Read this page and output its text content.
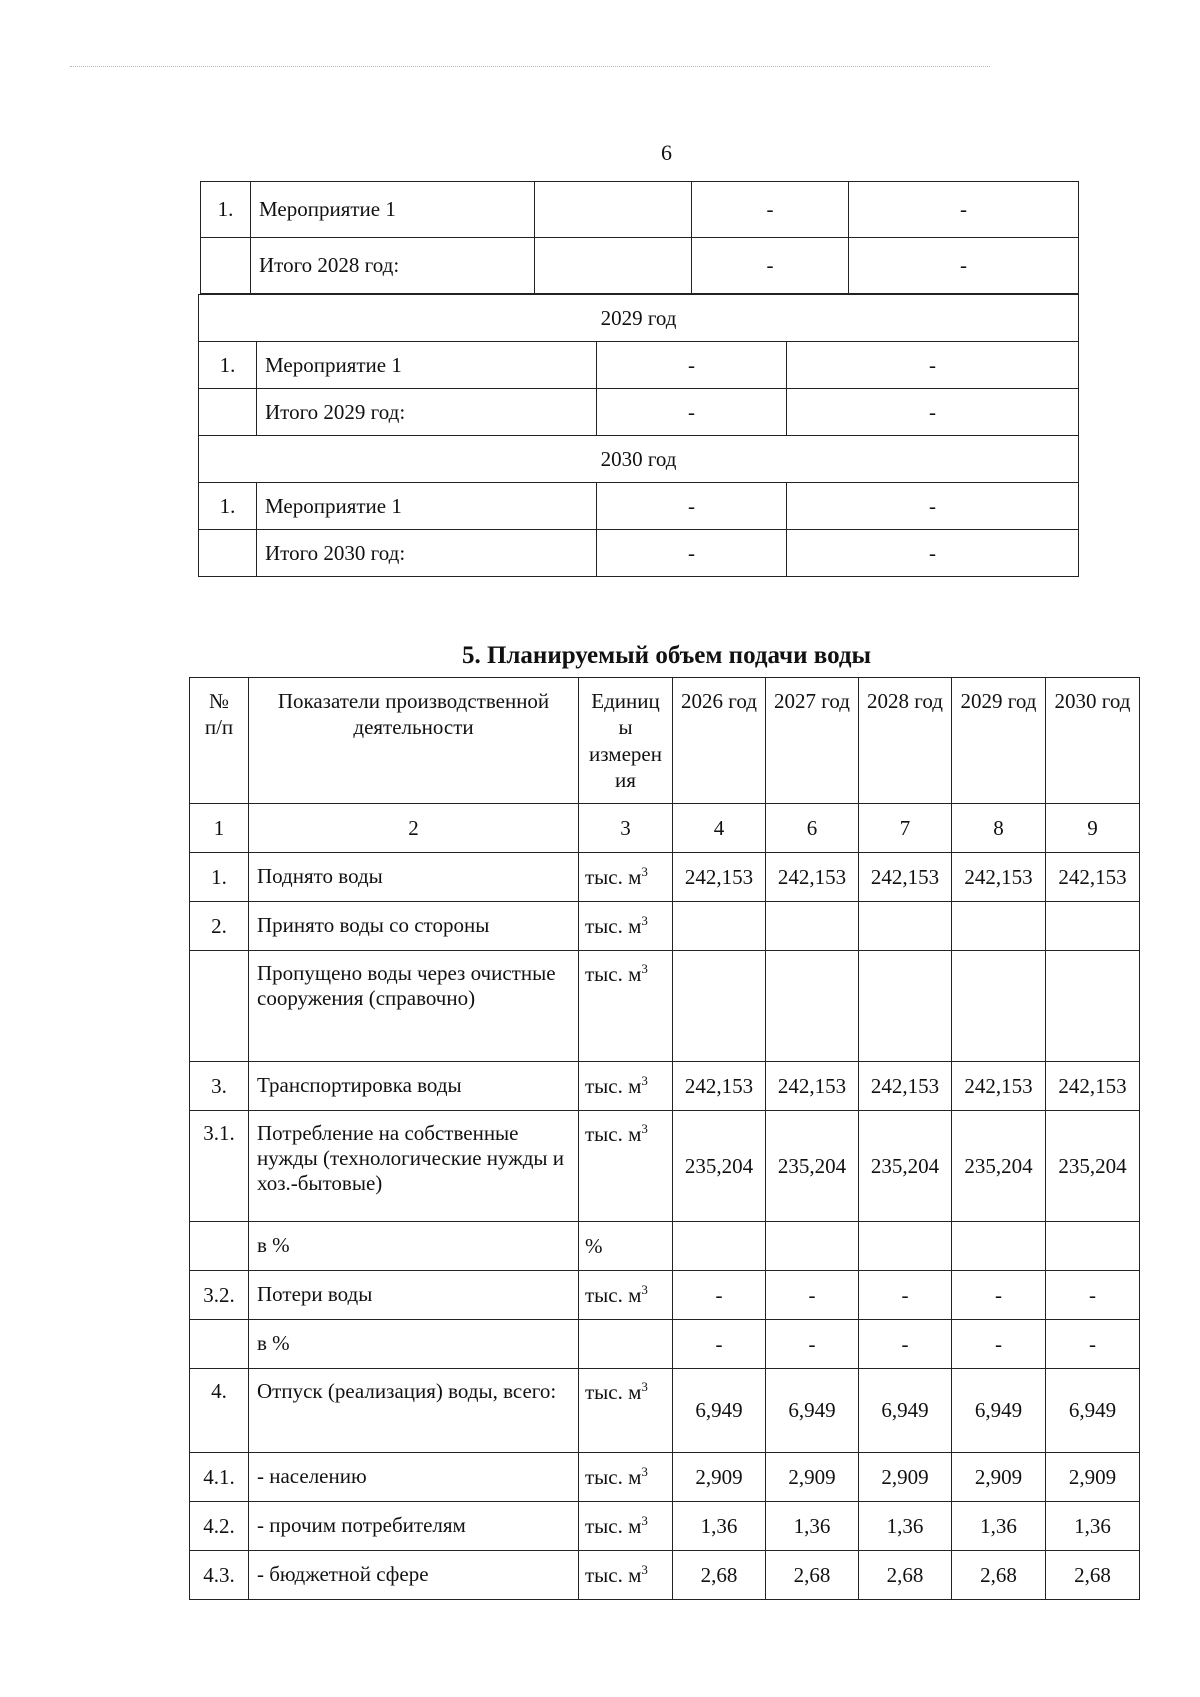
6
1.	Мероприятие 1		-	-
	Итого 2028 год:		-	-
2029 год			
1.	Мероприятие 1	-	-
	Итого 2029 год:	-	-
2030 год			
1.	Мероприятие 1	-	-
	Итого 2030 год:	-	-
5. Планируемый объем подачи воды
№ п/п	Показатели производственной деятельности	Единиц ы измерен ия	2026 год	2027 год	2028 год	2029 год	2030 год
1	2	3	4	6	7	8	9
1.	Поднято воды	тыс. $м^3$	242,153	242,153	242,153	242,153	242,153
2.	Принято воды со стороны	тыс. $м^3$					
	Пропущено воды через очистные сооружения (справочно)	тыс. $м^3$					
3.	Транспортировка воды	тыс. $м^3$	242,153	242,153	242,153	242,153	242,153
3.1.	Потребление на собственные нужды (технологические нужды и хоз.-бытовые)	тыс. $м^3$	235,204	235,204	235,204	235,204	235,204
	в %	%					
3.2.	Потери воды	тыс. $м^3$	-	-	-	-	-
	в %		-	-	-	-	-
4.	Отпуск (реализация) воды, всего:	тыс. $м^3$	6,949	6,949	6,949	6,949	6,949
4.1.	- населению	тыс. $м^3$	2,909	2,909	2,909	2,909	2,909
4.2.	- прочим потребителям	тыс. $м^3$	1,36	1,36	1,36	1,36	1,36
4.3.	- бюджетной сфере	тыс. $м^3$	2,68	2,68	2,68	2,68	2,68
